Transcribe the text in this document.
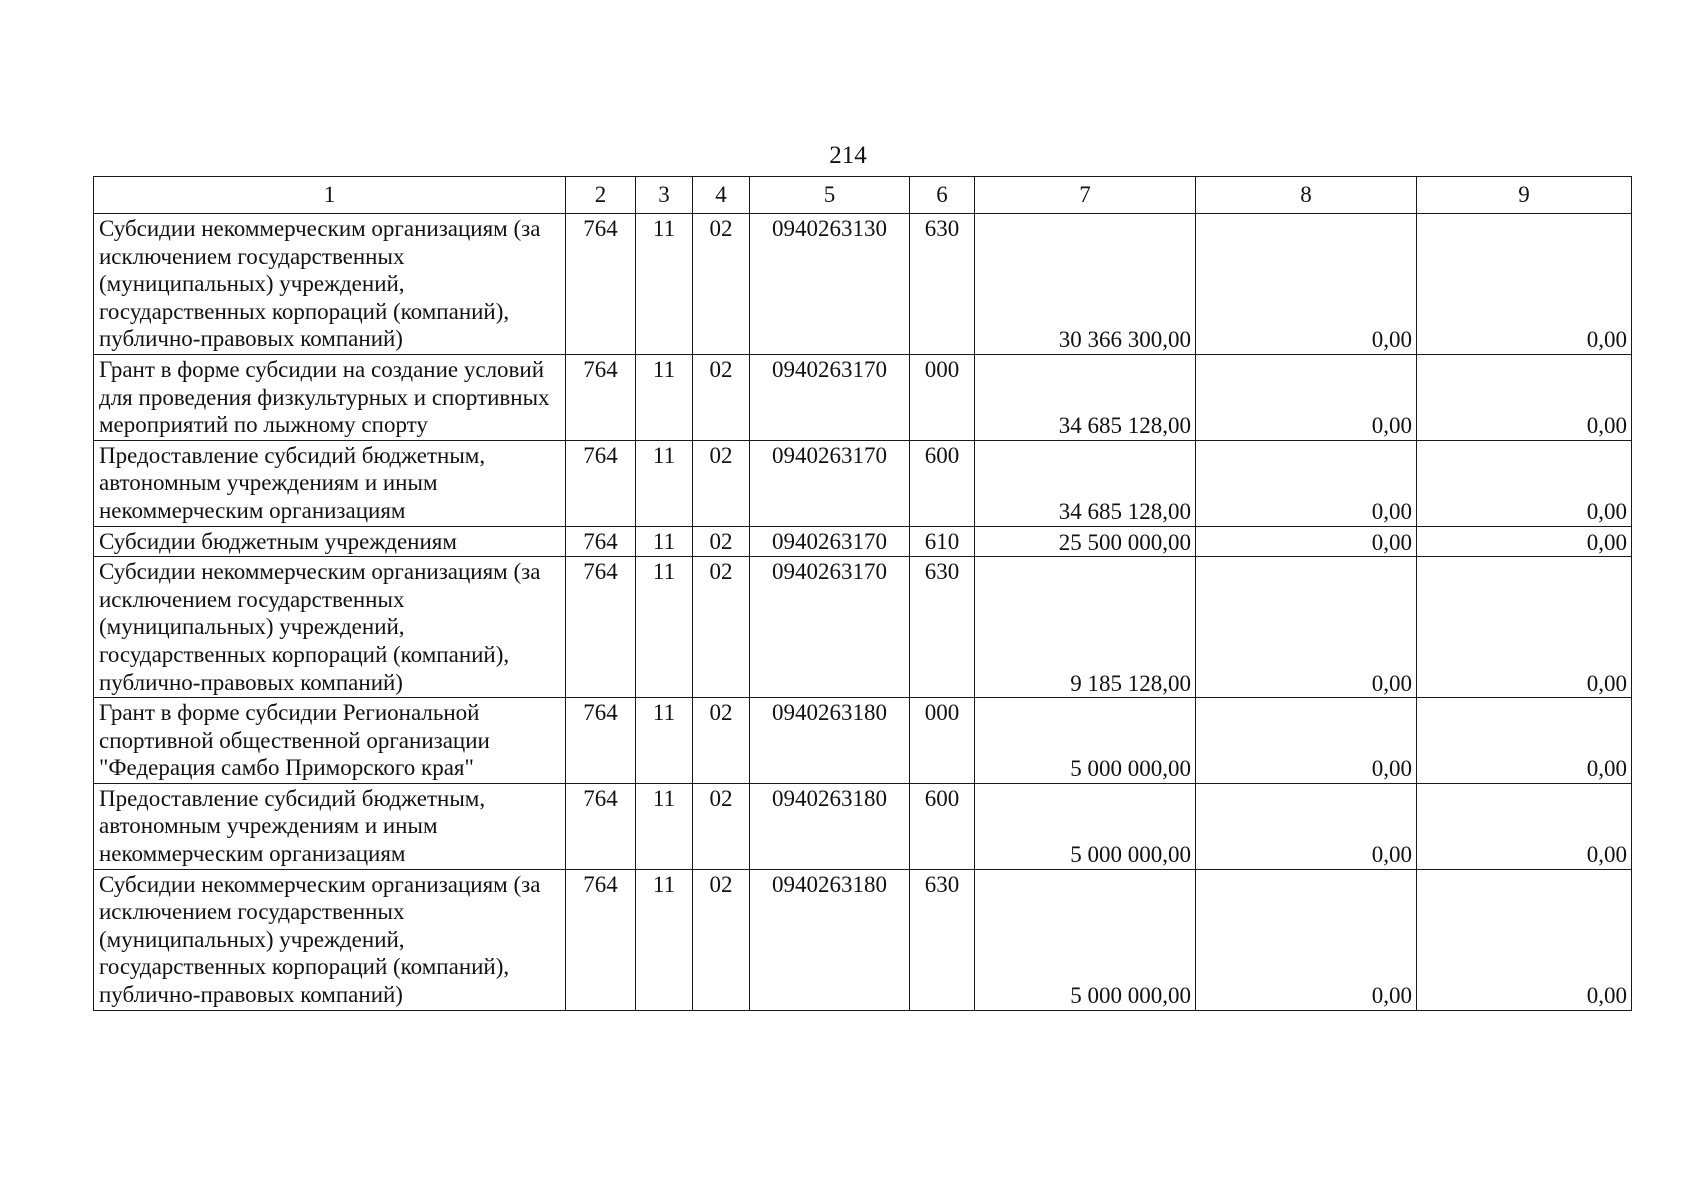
214
1	2	3	4	5	6	7	8	9
Субсидии некоммерческим организациям (за исключением государственных (муниципальных) учреждений, государственных корпораций (компаний), публично-правовых компаний)	764	11	02	0940263130	630	30 366 300,00	0,00	0,00
Грант в форме субсидии на создание условий для проведения физкультурных и спортивных мероприятий по лыжному спорту	764	11	02	0940263170	000	34 685 128,00	0,00	0,00
Предоставление субсидий бюджетным, автономным учреждениям и иным некоммерческим организациям	764	11	02	0940263170	600	34 685 128,00	0,00	0,00
Субсидии бюджетным учреждениям	764	11	02	0940263170	610	25 500 000,00	0,00	0,00
Субсидии некоммерческим организациям (за исключением государственных (муниципальных) учреждений, государственных корпораций (компаний), публично-правовых компаний)	764	11	02	0940263170	630	9 185 128,00	0,00	0,00
Грант в форме субсидии Региональной спортивной общественной организации "Федерация самбо Приморского края"	764	11	02	0940263180	000	5 000 000,00	0,00	0,00
Предоставление субсидий бюджетным, автономным учреждениям и иным некоммерческим организациям	764	11	02	0940263180	600	5 000 000,00	0,00	0,00
Субсидии некоммерческим организациям (за исключением государственных (муниципальных) учреждений, государственных корпораций (компаний), публично-правовых компаний)	764	11	02	0940263180	630	5 000 000,00	0,00	0,00
